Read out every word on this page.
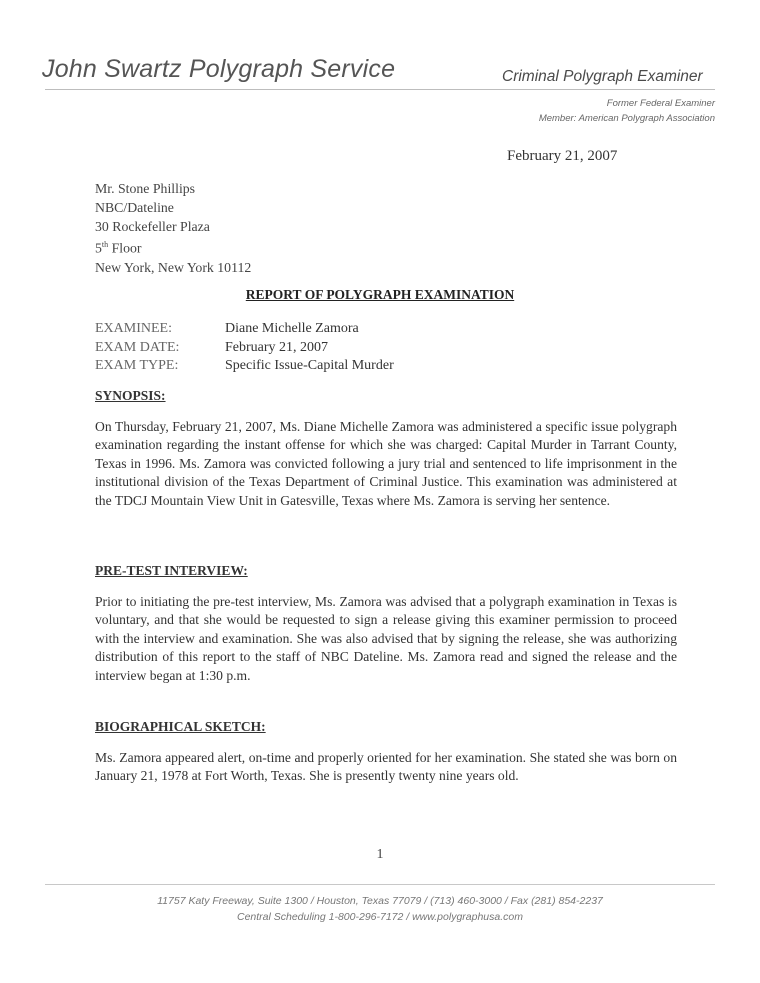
John Swartz Polygraph Service	Criminal Polygraph Examiner
Former Federal Examiner
Member: American Polygraph Association
February 21, 2007
Mr. Stone Phillips
NBC/Dateline
30 Rockefeller Plaza
5th Floor
New York, New York 10112
REPORT OF POLYGRAPH EXAMINATION
EXAMINEE:	Diane Michelle Zamora
EXAM DATE:	February 21, 2007
EXAM TYPE:	Specific Issue-Capital Murder
SYNOPSIS:
On Thursday, February 21, 2007, Ms. Diane Michelle Zamora was administered a specific issue polygraph examination regarding the instant offense for which she was charged: Capital Murder in Tarrant County, Texas in 1996. Ms. Zamora was convicted following a jury trial and sentenced to life imprisonment in the institutional division of the Texas Department of Criminal Justice. This examination was administered at the TDCJ Mountain View Unit in Gatesville, Texas where Ms. Zamora is serving her sentence.
PRE-TEST INTERVIEW:
Prior to initiating the pre-test interview, Ms. Zamora was advised that a polygraph examination in Texas is voluntary, and that she would be requested to sign a release giving this examiner permission to proceed with the interview and examination. She was also advised that by signing the release, she was authorizing distribution of this report to the staff of NBC Dateline. Ms. Zamora read and signed the release and the interview began at 1:30 p.m.
BIOGRAPHICAL SKETCH:
Ms. Zamora appeared alert, on-time and properly oriented for her examination. She stated she was born on January 21, 1978 at Fort Worth, Texas. She is presently twenty nine years old.
1
11757 Katy Freeway, Suite 1300 / Houston, Texas 77079 / (713) 460-3000 / Fax (281) 854-2237
Central Scheduling 1-800-296-7172 / www.polygraphusa.com
